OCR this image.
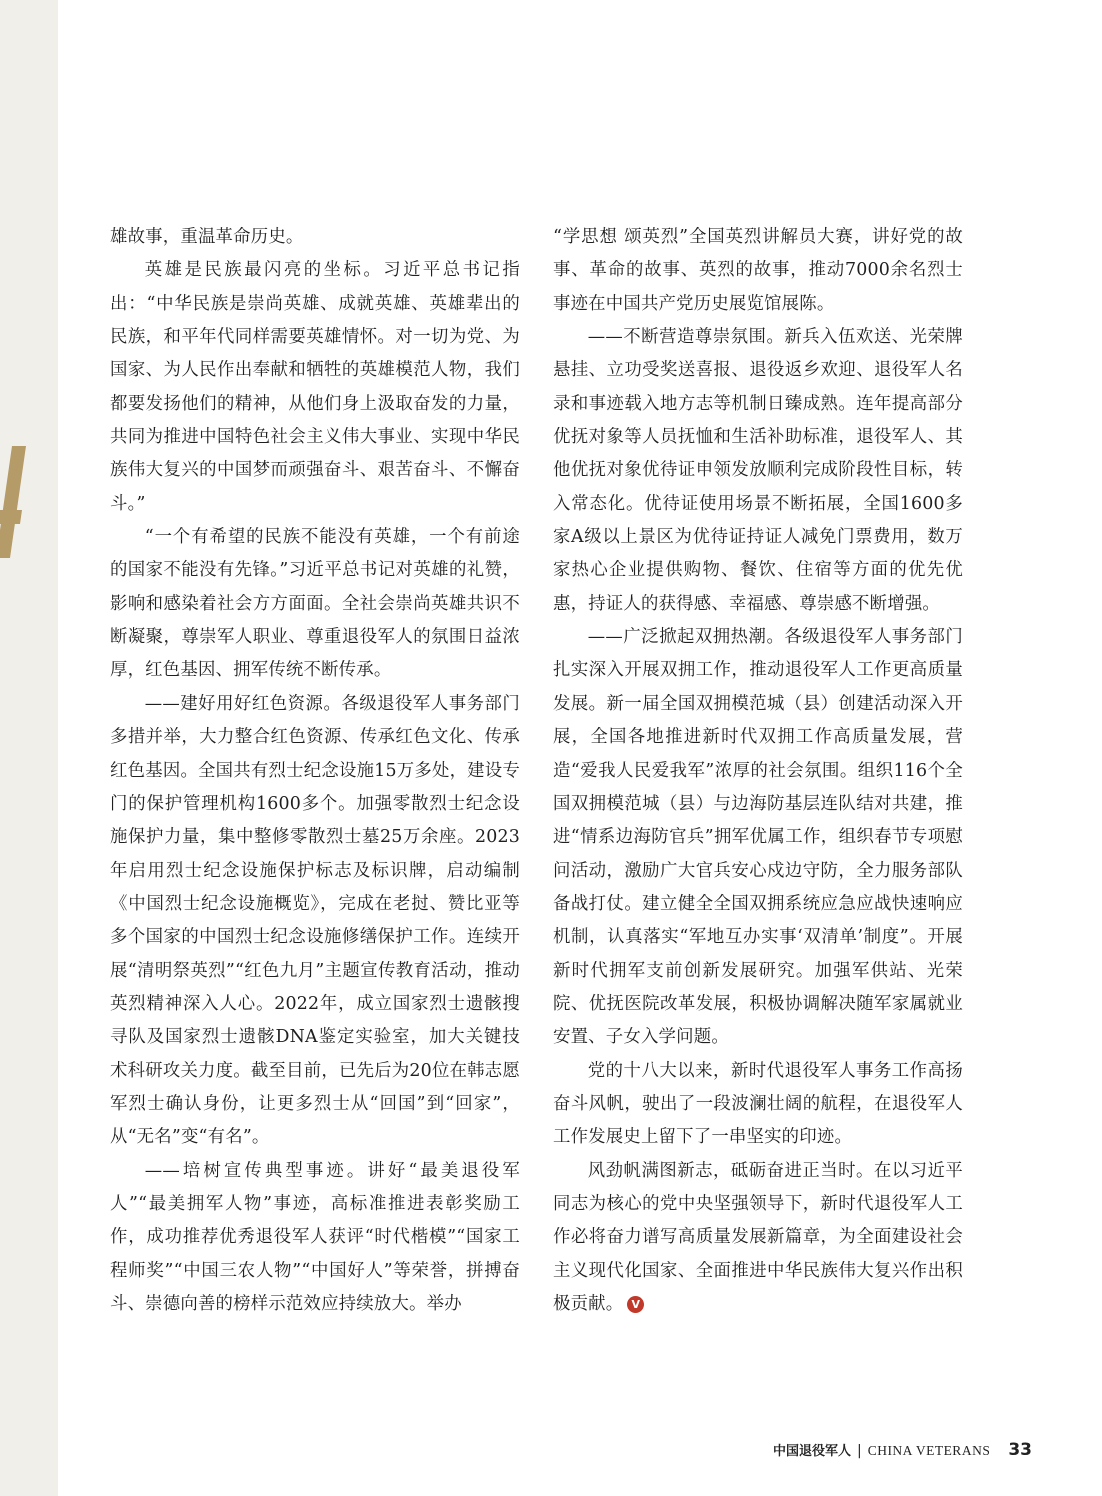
雄故事，重温革命历史。

英雄是民族最闪亮的坐标。习近平总书记指出：“中华民族是崇尚英雄、成就英雄、英雄辈出的民族，和平年代同样需要英雄情怀。对一切为党、为国家、为人民作出奉献和牺牲的英雄模范人物，我们都要发扬他们的精神，从他们身上汲取奋发的力量，共同为推进中国特色社会主义伟大事业、实现中华民族伟大复兴的中国梦而顽强奋斗、艰苦奋斗、不懈奋斗。”

“一个有希望的民族不能没有英雄，一个有前途的国家不能没有先锋。”习近平总书记对英雄的礼赞，影响和感染着社会方方面面。全社会崇尚英雄共识不断凝聚，尊崇军人职业、尊重退役军人的氛围日益浓厚，红色基因、拥军传统不断传承。

——建好用好红色资源。各级退役军人事务部门多措并举，大力整合红色资源、传承红色文化、传承红色基因。全国共有烈士纪念设施15万多处，建设专门的保护管理机构1600多个。加强零散烈士纪念设施保护力量，集中整修零散烈士墓25万余座。2023年启用烈士纪念设施保护标志及标识牌，启动编制《中国烈士纪念设施概览》，完成在老挝、赞比亚等多个国家的中国烈士纪念设施修缮保护工作。连续开展“清明祭英烈”“红色九月”主题宣传教育活动，推动英烈精神深入人心。2022年，成立国家烈士遗骸搜寻队及国家烈士遗骸DNA鉴定实验室，加大关键技术科研攻关力度。截至目前，已先后为20位在韩志愿军烈士确认身份，让更多烈士从“回国”到“回家”，从“无名”变“有名”。

——培树宣传典型事迹。讲好“最美退役军人”“最美拥军人物”事迹，高标准推进表彰奖励工作，成功推荐优秀退役军人获评“时代楷模”“国家工程师奖”“中国三农人物”“中国好人”等荣誉，拼搏奋斗、崇德向善的榜样示范效应持续放大。举办

“学思想 颂英烈”全国英烈讲解员大赛，讲好党的故事、革命的故事、英烈的故事，推动7000余名烈士事迹在中国共产党历史展览馆展陈。

——不断营造尊崇氛围。新兵入伍欢送、光荣牌悬挂、立功受奖送喜报、退役返乡欢迎、退役军人名录和事迹载入地方志等机制日臻成熟。连年提高部分优抚对象等人员抚恤和生活补助标准，退役军人、其他优抚对象优待证申领发放顺利完成阶段性目标，转入常态化。优待证使用场景不断拓展，全国1600多家A级以上景区为优待证持证人减免门票费用，数万家热心企业提供购物、餐饮、住宿等方面的优先优惠，持证人的获得感、幸福感、尊崇感不断增强。

——广泛掀起双拥热潮。各级退役军人事务部门扎实深入开展双拥工作，推动退役军人工作更高质量发展。新一届全国双拥模范城（县）创建活动深入开展，全国各地推进新时代双拥工作高质量发展，营造“爱我人民爱我军”浓厚的社会氛围。组织116个全国双拥模范城（县）与边海防基层连队结对共建，推进“情系边海防官兵”拥军优属工作，组织春节专项慰问活动，激励广大官兵安心戍边守防，全力服务部队备战打仗。建立健全全国双拥系统应急应战快速响应机制，认真落实“军地互办实事‘双清单’制度”。开展新时代拥军支前创新发展研究。加强军供站、光荣院、优抚医院改革发展，积极协调解决随军家属就业安置、子女入学问题。

党的十八大以来，新时代退役军人事务工作高扬奋斗风帆，驶出了一段波澜壮阔的航程，在退役军人工作发展史上留下了一串坚实的印迹。

风劲帆满图新志，砥砺奋进正当时。在以习近平同志为核心的党中央坚强领导下，新时代退役军人工作必将奋力谱写高质量发展新篇章，为全面建设社会主义现代化国家、全面推进中华民族伟大复兴作出积极贡献。 V

中国退役军人 | CHINA VETERANS 33
